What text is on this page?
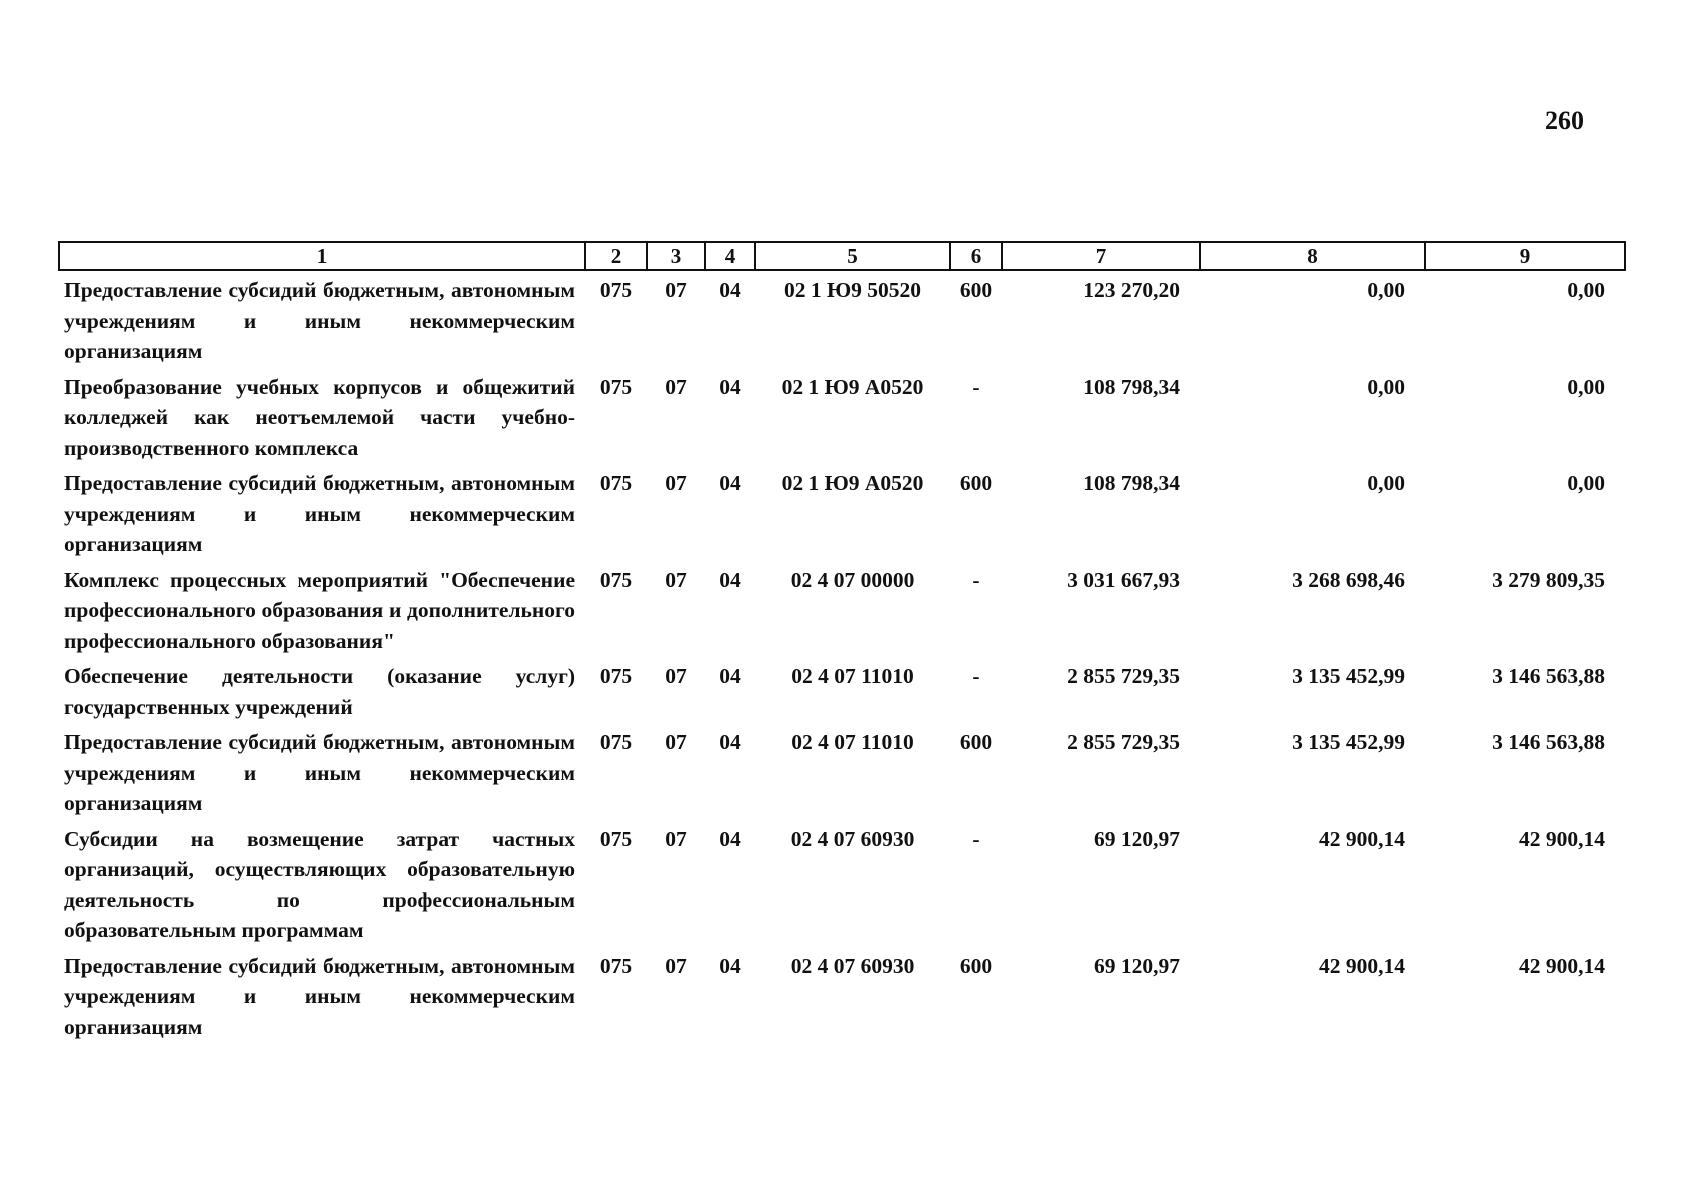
260
1	2	3	4	5	6	7	8	9
Предоставление субсидий бюджетным, автономным учреждениям и иным некоммерческим организациям	075	07	04	02 1 Ю9 50520	600	123 270,20	0,00	0,00
Преобразование учебных корпусов и общежитий колледжей как неотъемлемой части учебно-производственного комплекса	075	07	04	02 1 Ю9 А0520	-	108 798,34	0,00	0,00
Предоставление субсидий бюджетным, автономным учреждениям и иным некоммерческим организациям	075	07	04	02 1 Ю9 А0520	600	108 798,34	0,00	0,00
Комплекс процессных мероприятий "Обеспечение профессионального образования и дополнительного профессионального образования"	075	07	04	02 4 07 00000	-	3 031 667,93	3 268 698,46	3 279 809,35
Обеспечение деятельности (оказание услуг) государственных учреждений	075	07	04	02 4 07 11010	-	2 855 729,35	3 135 452,99	3 146 563,88
Предоставление субсидий бюджетным, автономным учреждениям и иным некоммерческим организациям	075	07	04	02 4 07 11010	600	2 855 729,35	3 135 452,99	3 146 563,88
Субсидии на возмещение затрат частных организаций, осуществляющих образовательную деятельность по профессиональным образовательным программам	075	07	04	02 4 07 60930	-	69 120,97	42 900,14	42 900,14
Предоставление субсидий бюджетным, автономным учреждениям и иным некоммерческим организациям	075	07	04	02 4 07 60930	600	69 120,97	42 900,14	42 900,14
